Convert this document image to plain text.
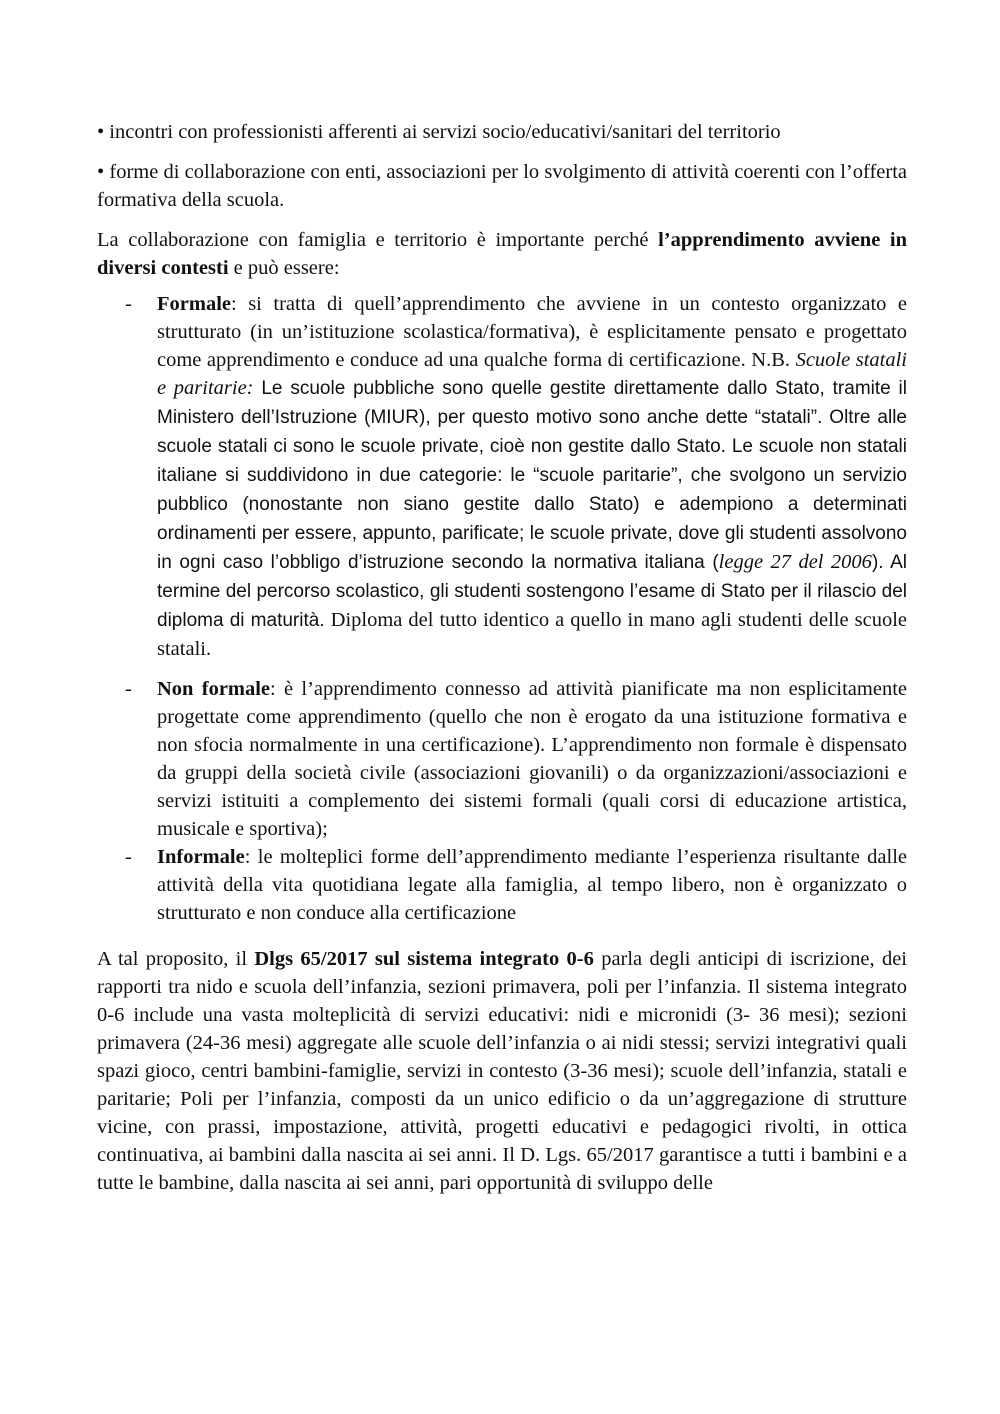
• incontri con professionisti afferenti ai servizi socio/educativi/sanitari del territorio

• forme di collaborazione con enti, associazioni per lo svolgimento di attività coerenti con l’offerta formativa della scuola.

La collaborazione con famiglia e territorio è importante perché l’apprendimento avviene in diversi contesti e può essere:

- Formale: si tratta di quell’apprendimento che avviene in un contesto organizzato e strutturato (in un’istituzione scolastica/formativa), è esplicitamente pensato e progettato come apprendimento e conduce ad una qualche forma di certificazione. N.B. Scuole statali e paritarie: Le scuole pubbliche sono quelle gestite direttamente dallo Stato, tramite il Ministero dell’Istruzione (MIUR), per questo motivo sono anche dette “statali”. Oltre alle scuole statali ci sono le scuole private, cioè non gestite dallo Stato. Le scuole non statali italiane si suddividono in due categorie: le “scuole paritarie”, che svolgono un servizio pubblico (nonostante non siano gestite dallo Stato) e adempiono a determinati ordinamenti per essere, appunto, parificate; le scuole private, dove gli studenti assolvono in ogni caso l’obbligo d’istruzione secondo la normativa italiana (legge 27 del 2006). Al termine del percorso scolastico, gli studenti sostengono l’esame di Stato per il rilascio del diploma di maturità. Diploma del tutto identico a quello in mano agli studenti delle scuole statali.
- Non formale: è l’apprendimento connesso ad attività pianificate ma non esplicitamente progettate come apprendimento (quello che non è erogato da una istituzione formativa e non sfocia normalmente in una certificazione). L’apprendimento non formale è dispensato da gruppi della società civile (associazioni giovanili) o da organizzazioni/associazioni e servizi istituiti a complemento dei sistemi formali (quali corsi di educazione artistica, musicale e sportiva);
- Informale: le molteplici forme dell’apprendimento mediante l’esperienza risultante dalle attività della vita quotidiana legate alla famiglia, al tempo libero, non è organizzato o strutturato e non conduce alla certificazione

A tal proposito, il Dlgs 65/2017 sul sistema integrato 0-6 parla degli anticipi di iscrizione, dei rapporti tra nido e scuola dell’infanzia, sezioni primavera, poli per l’infanzia. Il sistema integrato 0-6 include una vasta molteplicità di servizi educativi: nidi e micronidi (3- 36 mesi); sezioni primavera (24-36 mesi) aggregate alle scuole dell’infanzia o ai nidi stessi; servizi integrativi quali spazi gioco, centri bambini-famiglie, servizi in contesto (3-36 mesi); scuole dell’infanzia, statali e paritarie; Poli per l’infanzia, composti da un unico edificio o da un’aggregazione di strutture vicine, con prassi, impostazione, attività, progetti educativi e pedagogici rivolti, in ottica continuativa, ai bambini dalla nascita ai sei anni. Il D. Lgs. 65/2017 garantisce a tutti i bambini e a tutte le bambine, dalla nascita ai sei anni, pari opportunità di sviluppo delle
